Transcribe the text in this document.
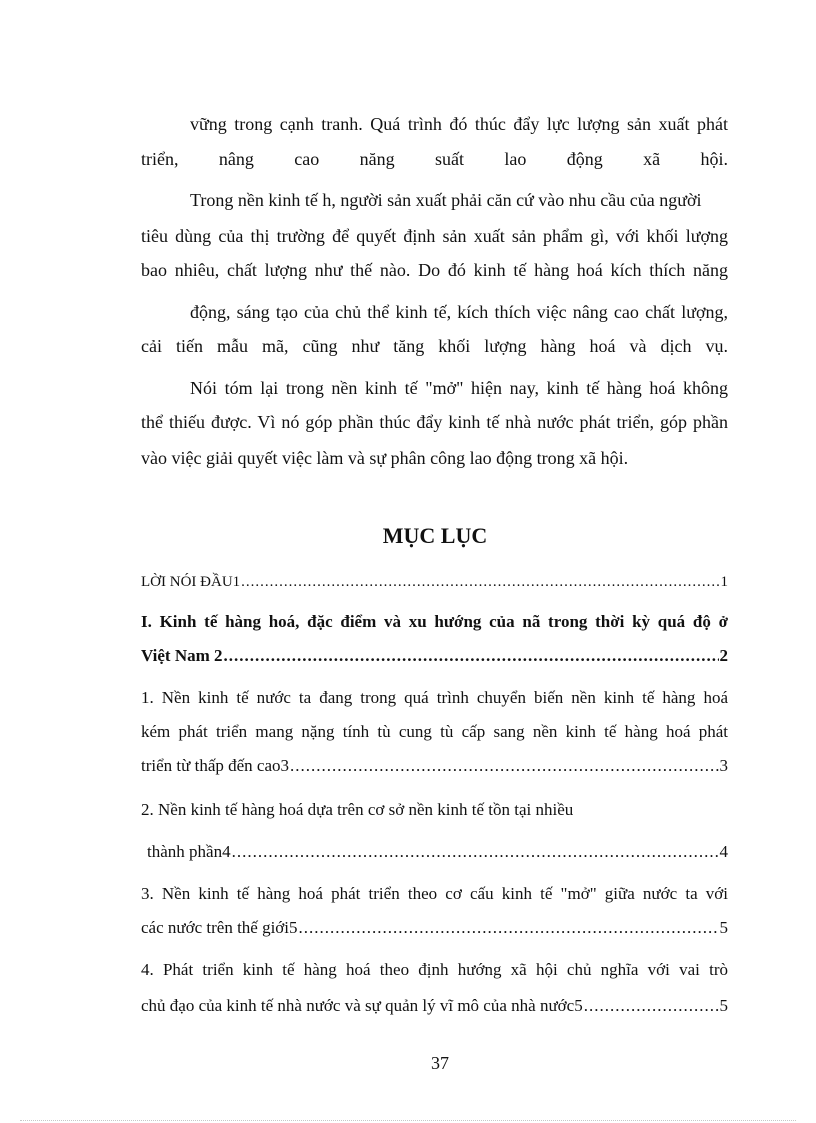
vững trong cạnh tranh. Quá trình đó thúc đẩy lực lượng sản xuất phát
triển, nâng cao năng suất lao động xã hội.
Trong nền kinh tế h, người sản xuất phải căn cứ vào nhu cầu của người
tiêu dùng của thị trường để quyết định sản xuất sản phẩm gì, với khối lượng
bao nhiêu, chất lượng như thế nào. Do đó kinh tế hàng hoá kích thích năng
động, sáng tạo của chủ thể kinh tế, kích thích việc nâng cao chất lượng,
cải tiến mẫu mã, cũng như tăng khối lượng hàng hoá và dịch vụ.
Nói tóm lại trong nền kinh tế "mở" hiện nay, kinh tế hàng hoá không
thể thiếu được. Vì nó góp phần thúc đẩy kinh tế nhà nước phát triển, góp phần
vào việc giải quyết việc làm và sự phân công lao động trong xã hội.
MỤC LỤC
LỜI NÓI ĐẦU1 .....	1
I. Kinh tế hàng hoá, đặc điểm và xu hướng của nã trong thời kỳ quá độ ở
Việt Nam 2 .....	2
1. Nền kinh tế nước ta đang trong quá trình chuyển biến nền kinh tế hàng hoá
kém phát triển mang nặng tính tù cung tù cấp sang nền kinh tế hàng hoá phát
triển từ thấp đến cao3 .....	3
2. Nền kinh tế hàng hoá dựa trên cơ sở nền kinh tế tồn tại nhiều
thành phần4 .....	4
3. Nền kinh tế hàng hoá phát triển theo cơ cấu kinh tế "mở" giữa nước ta với
các nước trên thế giới5 .....	5
4. Phát triển kinh tế hàng hoá theo định hướng xã hội chủ nghĩa với vai trò
chủ đạo của kinh tế nhà nước và sự quản lý vĩ mô của nhà nước5 .....	5
37
